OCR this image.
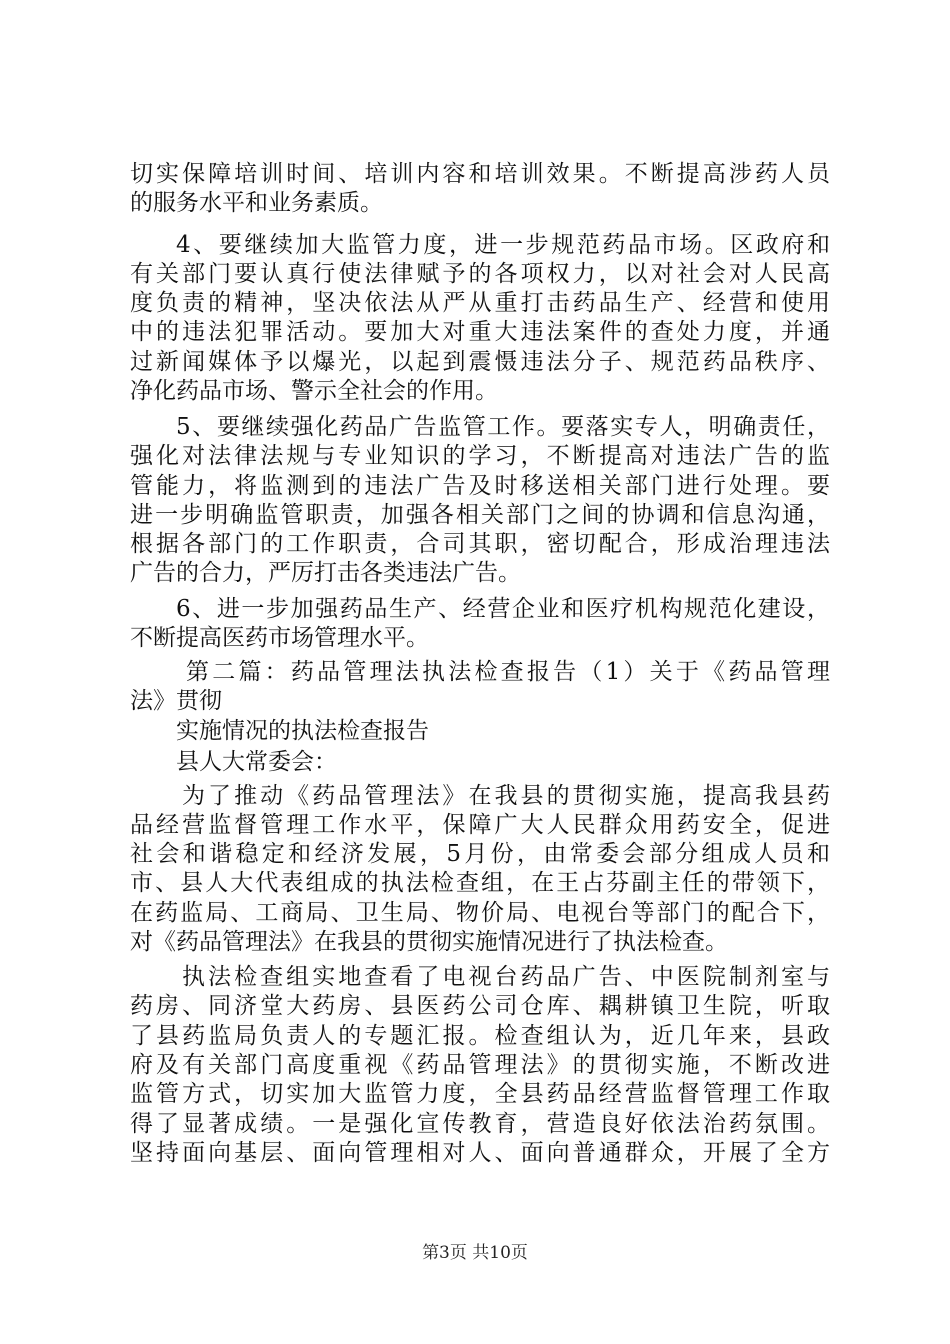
切实保障培训时间、培训内容和培训效果。不断提高涉药人员
的服务水平和业务素质。
4、要继续加大监管力度，进一步规范药品市场。区政府和
有关部门要认真行使法律赋予的各项权力，以对社会对人民高
度负责的精神，坚决依法从严从重打击药品生产、经营和使用
中的违法犯罪活动。要加大对重大违法案件的查处力度，并通
过新闻媒体予以爆光，以起到震慑违法分子、规范药品秩序、
净化药品市场、警示全社会的作用。
5、要继续强化药品广告监管工作。要落实专人，明确责任，
强化对法律法规与专业知识的学习，不断提高对违法广告的监
管能力，将监测到的违法广告及时移送相关部门进行处理。要
进一步明确监管职责，加强各相关部门之间的协调和信息沟通，
根据各部门的工作职责，合司其职，密切配合，形成治理违法
广告的合力，严厉打击各类违法广告。
6、进一步加强药品生产、经营企业和医疗机构规范化建设，
不断提高医药市场管理水平。
第二篇：药品管理法执法检查报告（1）关于《药品管理
法》贯彻
实施情况的执法检查报告
县人大常委会：
为了推动《药品管理法》在我县的贯彻实施，提高我县药
品经营监督管理工作水平，保障广大人民群众用药安全，促进
社会和谐稳定和经济发展，5月份，由常委会部分组成人员和
市、县人大代表组成的执法检查组，在王占芬副主任的带领下，
在药监局、工商局、卫生局、物价局、电视台等部门的配合下，
对《药品管理法》在我县的贯彻实施情况进行了执法检查。
执法检查组实地查看了电视台药品广告、中医院制剂室与
药房、同济堂大药房、县医药公司仓库、耦耕镇卫生院，听取
了县药监局负责人的专题汇报。检查组认为，近几年来，县政
府及有关部门高度重视《药品管理法》的贯彻实施，不断改进
监管方式，切实加大监管力度，全县药品经营监督管理工作取
得了显著成绩。一是强化宣传教育，营造良好依法治药氛围。
坚持面向基层、面向管理相对人、面向普通群众，开展了全方
第3页 共10页
